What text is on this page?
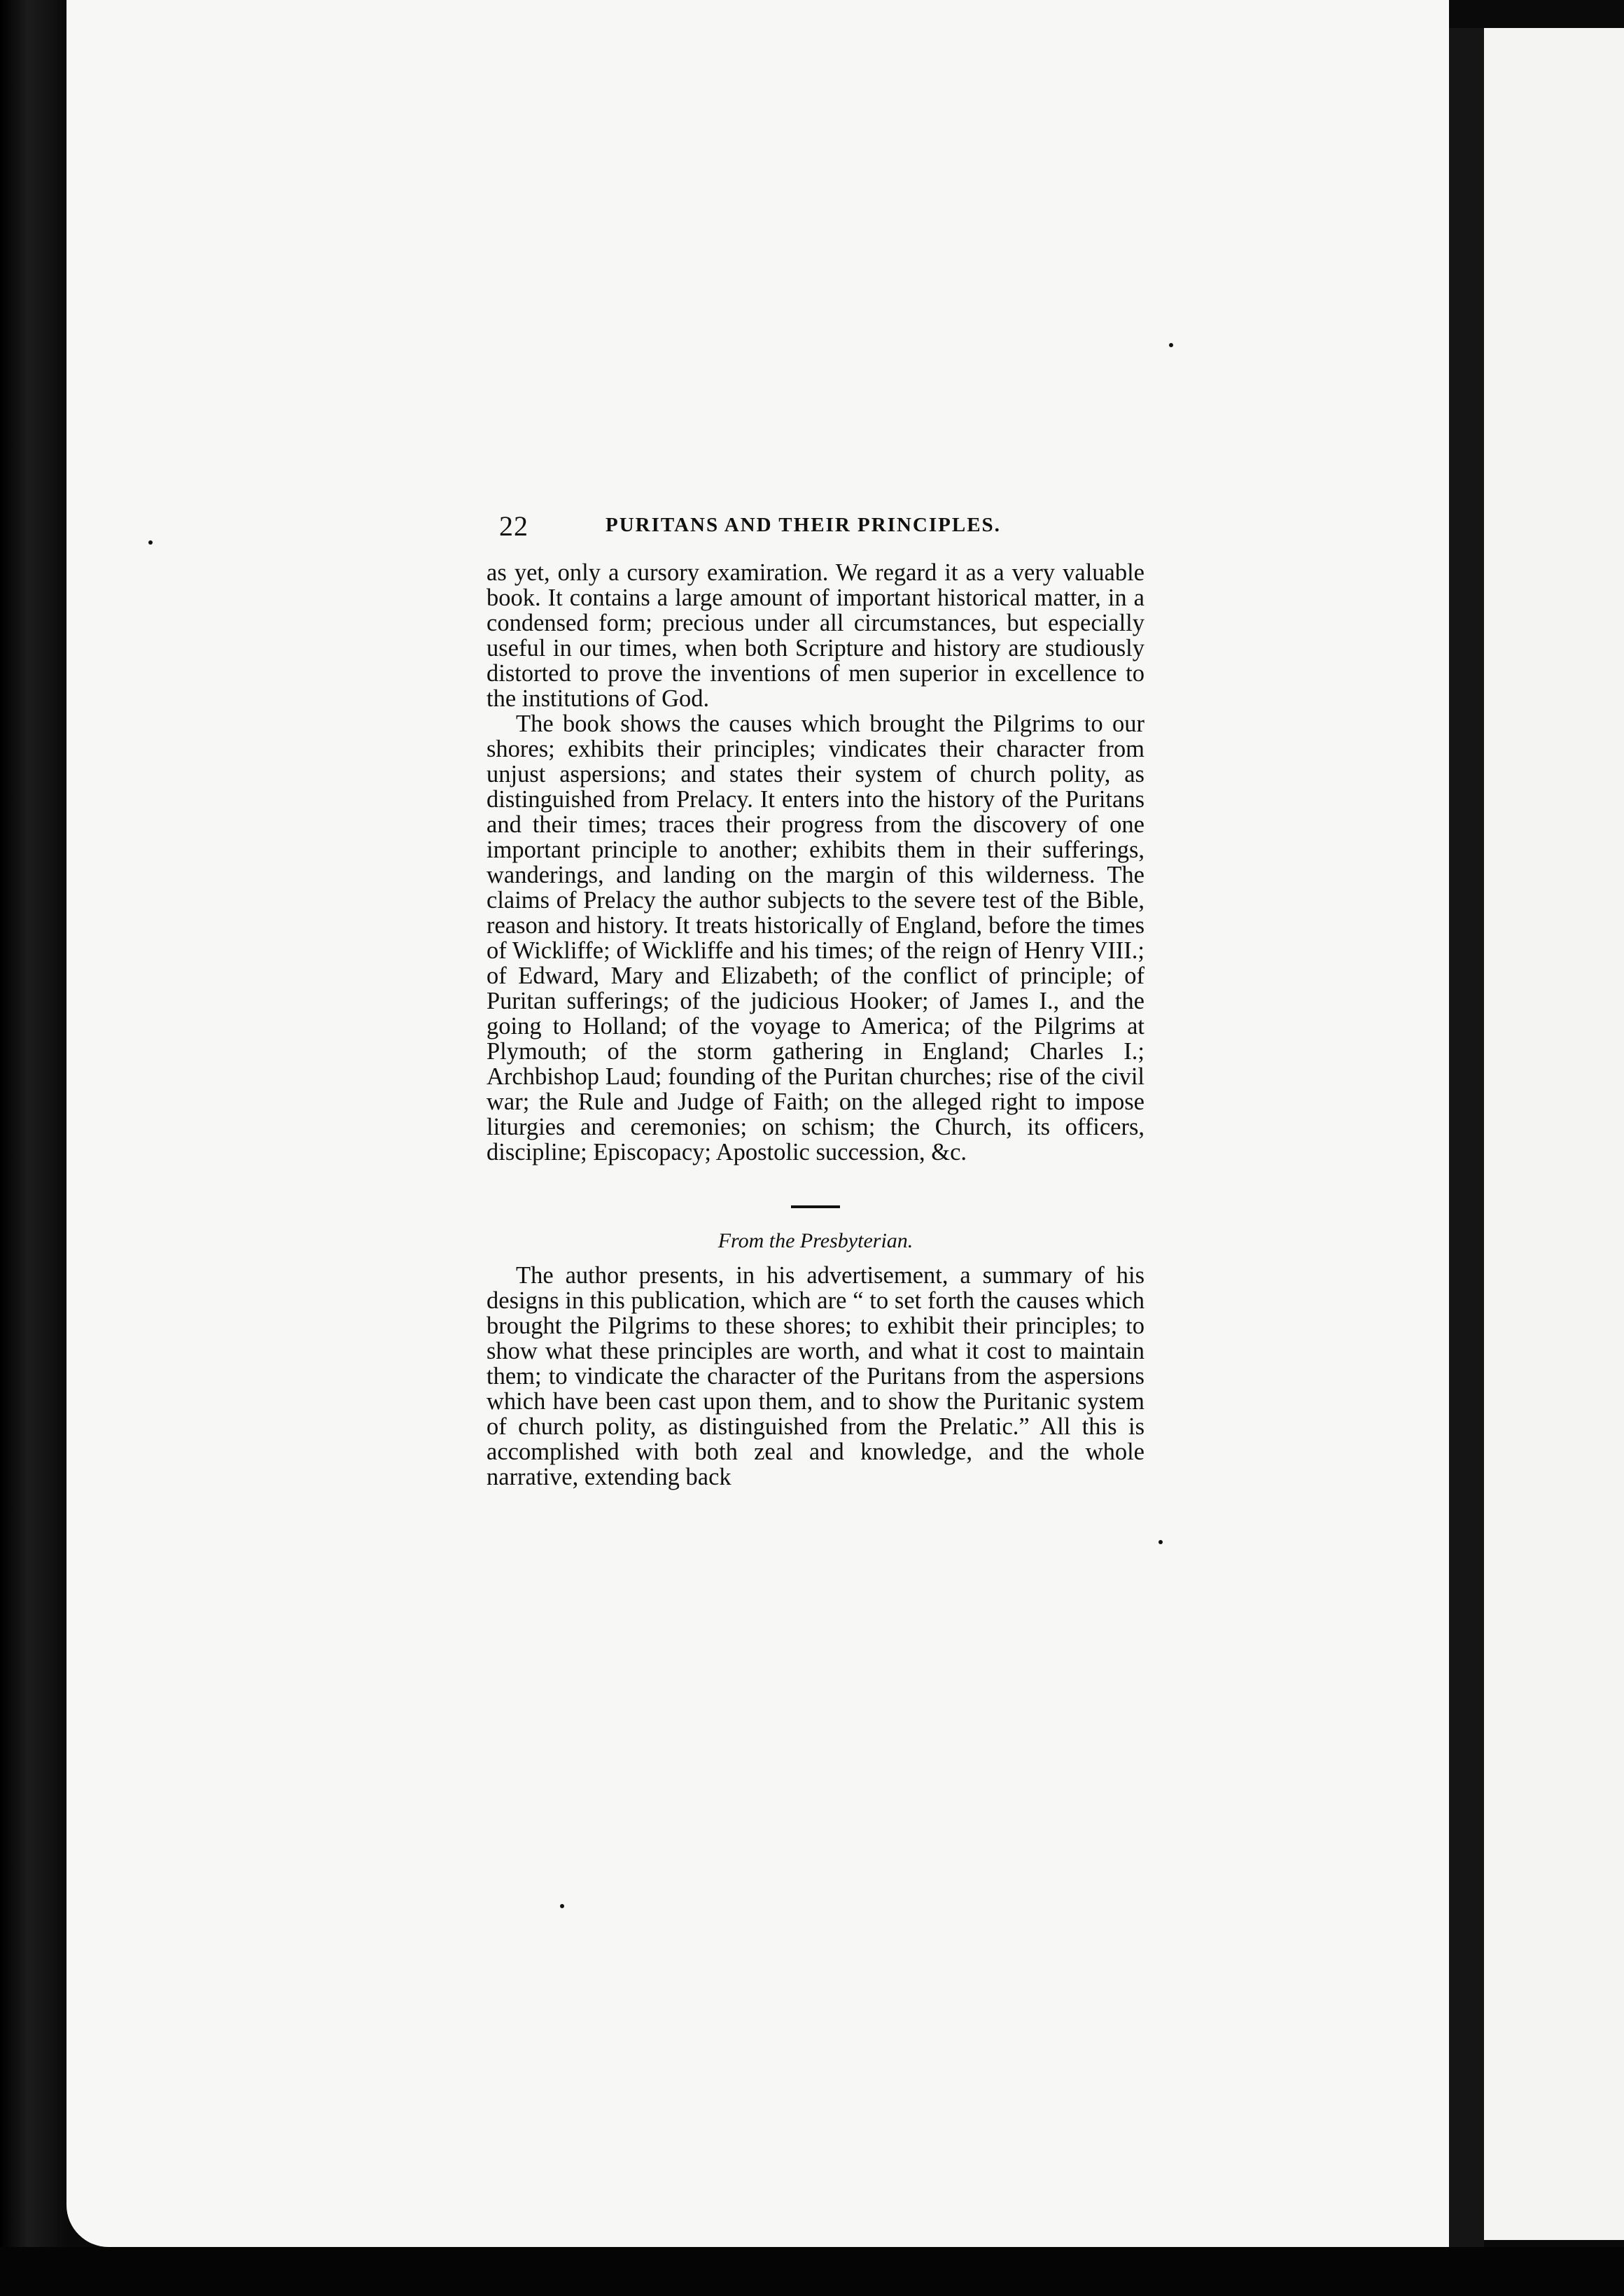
22	PURITANS AND THEIR PRINCIPLES.

as yet, only a cursory examiration. We regard it as a very valuable book. It contains a large amount of important historical matter, in a condensed form; precious under all circumstances, but especially useful in our times, when both Scripture and history are studiously distorted to prove the inventions of men superior in excellence to the institutions of God.

The book shows the causes which brought the Pilgrims to our shores; exhibits their principles; vindicates their character from unjust aspersions; and states their system of church polity, as distinguished from Prelacy. It enters into the history of the Puritans and their times; traces their progress from the discovery of one important principle to another; exhibits them in their sufferings, wanderings, and landing on the margin of this wilderness. The claims of Prelacy the author subjects to the severe test of the Bible, reason and history. It treats historically of England, before the times of Wickliffe; of Wickliffe and his times; of the reign of Henry VIII.; of Edward, Mary and Elizabeth; of the conflict of principle; of Puritan sufferings; of the judicious Hooker; of James I., and the going to Holland; of the voyage to America; of the Pilgrims at Plymouth; of the storm gathering in England; Charles I.; Archbishop Laud; founding of the Puritan churches; rise of the civil war; the Rule and Judge of Faith; on the alleged right to impose liturgies and ceremonies; on schism; the Church, its officers, discipline; Episcopacy; Apostolic succession, &c.

From the Presbyterian.

The author presents, in his advertisement, a summary of his designs in this publication, which are “ to set forth the causes which brought the Pilgrims to these shores; to exhibit their principles; to show what these principles are worth, and what it cost to maintain them; to vindicate the character of the Puritans from the aspersions which have been cast upon them, and to show the Puritanic system of church polity, as distinguished from the Prelatic.” All this is accomplished with both zeal and knowledge, and the whole narrative, extending back
